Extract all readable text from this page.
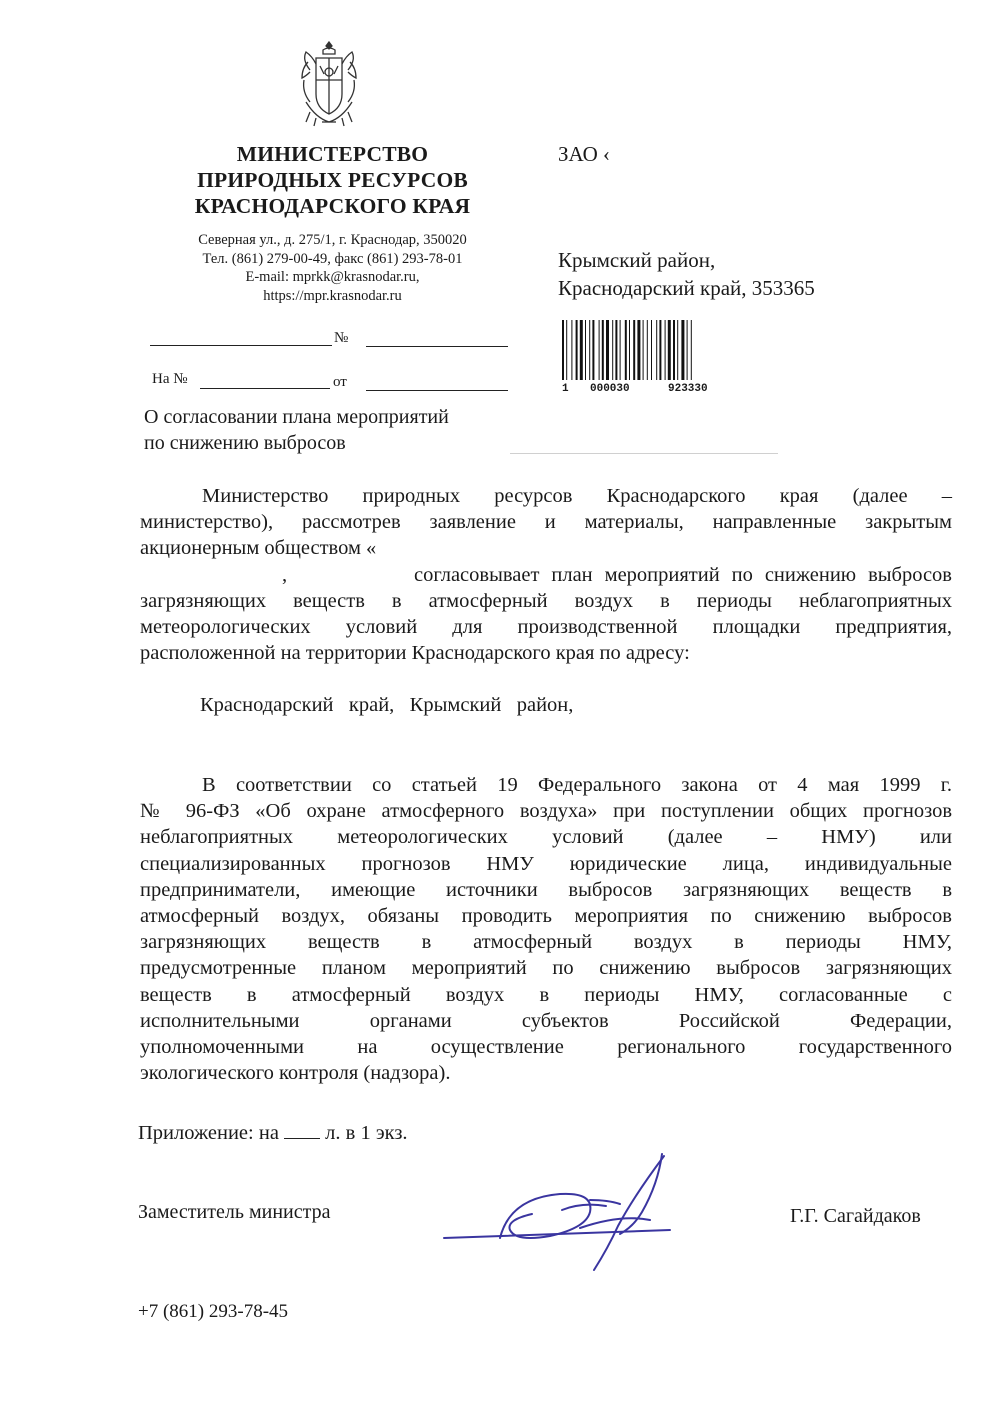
МИНИСТЕРСТВО
ПРИРОДНЫХ РЕСУРСОВ
КРАСНОДАРСКОГО КРАЯ
Северная ул., д. 275/1, г. Краснодар, 350020
Тел. (861) 279-00-49, факс (861) 293-78-01
E-mail: mprkk@krasnodar.ru,
https://mpr.krasnodar.ru
ЗАО ‹
Крымский район,
Краснодарский край, 353365
1 000030	923330
№
На №	от
О согласовании плана мероприятий
по снижению выбросов
Министерство природных ресурсов Краснодарского края (далее –
министерство), рассмотрев заявление и материалы, направленные закрытым
акционерным обществом «
,	согласовывает план мероприятий по снижению выбросов
загрязняющих веществ в атмосферный воздух в периоды неблагоприятных
метеорологических условий для производственной площадки предприятия,
расположенной на территории Краснодарского края по адресу:
Краснодарский   край,   Крымский   район,
В соответствии со статьей 19 Федерального закона от 4 мая 1999 г.
№ 96-ФЗ «Об охране атмосферного воздуха» при поступлении общих прогнозов
неблагоприятных метеорологических условий (далее – НМУ) или
специализированных прогнозов НМУ юридические лица, индивидуальные
предприниматели, имеющие источники выбросов загрязняющих веществ в
атмосферный воздух, обязаны проводить мероприятия по снижению выбросов
загрязняющих веществ в атмосферный воздух в периоды НМУ,
предусмотренные планом мероприятий по снижению выбросов загрязняющих
веществ в атмосферный воздух в периоды НМУ, согласованные с
исполнительными органами субъектов Российской Федерации,
уполномоченными на осуществление регионального государственного
экологического контроля (надзора).
Приложение: на л. в 1 экз.
Заместитель министра	Г.Г. Сагайдаков
+7 (861) 293-78-45
